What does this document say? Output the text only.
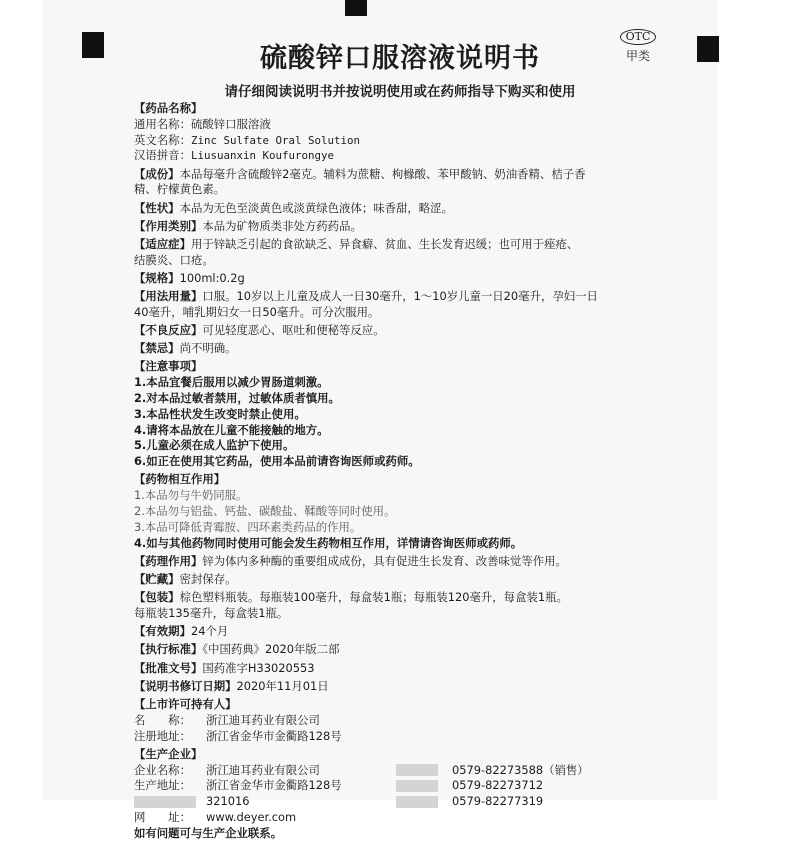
硫酸锌口服溶液说明书
请仔细阅读说明书并按说明使用或在药师指导下购买和使用
OTC
甲类
【药品名称】
通用名称：硫酸锌口服溶液
英文名称：Zinc Sulfate Oral Solution
汉语拼音：Liusuanxin Koufurongye
【成份】本品每毫升含硫酸锌2毫克。辅料为蔗糖、枸橼酸、苯甲酸钠、奶油香精、桔子香
精、柠檬黄色素。
【性状】本品为无色至淡黄色或淡黄绿色液体；味香甜，略涩。
【作用类别】本品为矿物质类非处方药药品。
【适应症】用于锌缺乏引起的食欲缺乏、异食癖、贫血、生长发育迟缓；也可用于痤疮、
结膜炎、口疮。
【规格】100ml:0.2g
【用法用量】口服。10岁以上儿童及成人一日30毫升，1～10岁儿童一日20毫升，孕妇一日
40毫升，哺乳期妇女一日50毫升。可分次服用。
【不良反应】可见轻度恶心、呕吐和便秘等反应。
【禁忌】尚不明确。
【注意事项】
1.本品宜餐后服用以减少胃肠道刺激。
2.对本品过敏者禁用，过敏体质者慎用。
3.本品性状发生改变时禁止使用。
4.请将本品放在儿童不能接触的地方。
5.儿童必须在成人监护下使用。
6.如正在使用其它药品，使用本品前请咨询医师或药师。
【药物相互作用】
1.本品勿与牛奶同服。
2.本品勿与铝盐、钙盐、碳酸盐、鞣酸等同时使用。
3.本品可降低青霉胺、四环素类药品的作用。
4.如与其他药物同时使用可能会发生药物相互作用，详情请咨询医师或药师。
【药理作用】锌为体内多种酶的重要组成成份，具有促进生长发育、改善味觉等作用。
【贮藏】密封保存。
【包装】棕色塑料瓶装。每瓶装100毫升，每盒装1瓶；每瓶装120毫升，每盒装1瓶。
每瓶装135毫升，每盒装1瓶。
【有效期】24个月
【执行标准】《中国药典》2020年版二部
【批准文号】国药准字H33020553
【说明书修订日期】2020年11月01日
【上市许可持有人】
名　　称： 浙江迪耳药业有限公司
注册地址： 浙江省金华市金衢路128号
【生产企业】
企业名称： 浙江迪耳药业有限公司	0579-82273588（销售）
生产地址： 浙江省金华市金衢路128号	0579-82273712
321016	0579-82277319
网　　址： www.deyer.com
如有问题可与生产企业联系。
